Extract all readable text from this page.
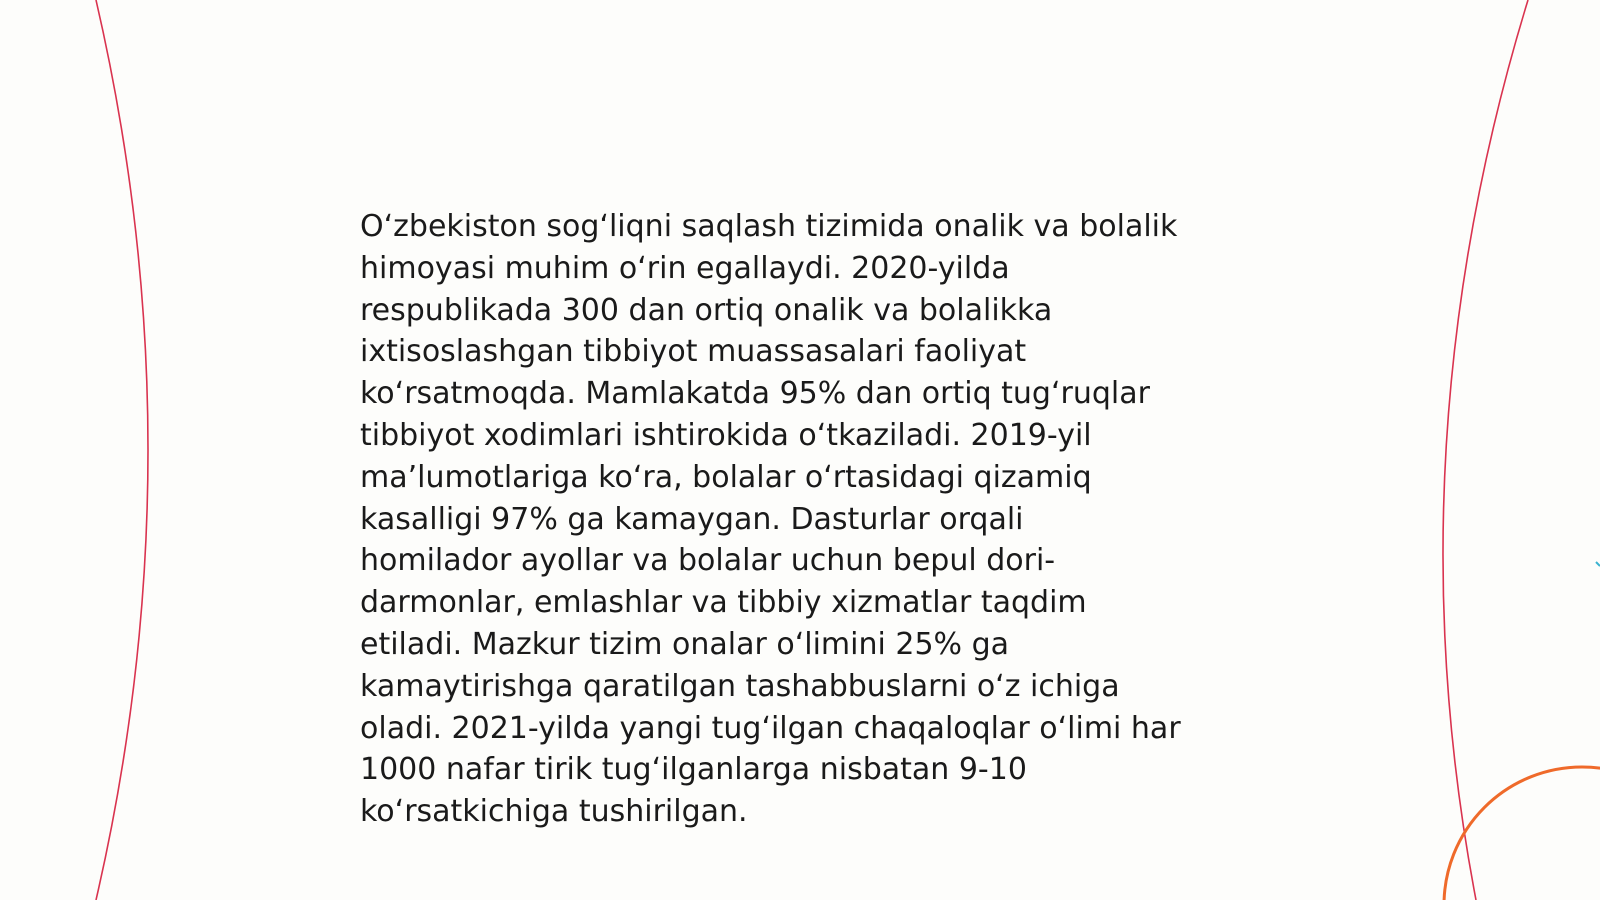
Oʻzbekiston sogʻliqni saqlash tizimida onalik va bolalik
himoyasi muhim oʻrin egallaydi. 2020-yilda
respublikada 300 dan ortiq onalik va bolalikka
ixtisoslashgan tibbiyot muassasalari faoliyat
koʻrsatmoqda. Mamlakatda 95% dan ortiq tugʻruqlar
tibbiyot xodimlari ishtirokida oʻtkaziladi. 2019-yil
maʼlumotlariga koʻra, bolalar oʻrtasidagi qizamiq
kasalligi 97% ga kamaygan. Dasturlar orqali
homilador ayollar va bolalar uchun bepul dori-
darmonlar, emlashlar va tibbiy xizmatlar taqdim
etiladi. Mazkur tizim onalar oʻlimini 25% ga
kamaytirishga qaratilgan tashabbuslarni oʻz ichiga
oladi. 2021-yilda yangi tugʻilgan chaqaloqlar oʻlimi har
1000 nafar tirik tugʻilganlarga nisbatan 9-10
koʻrsatkichiga tushirilgan.
